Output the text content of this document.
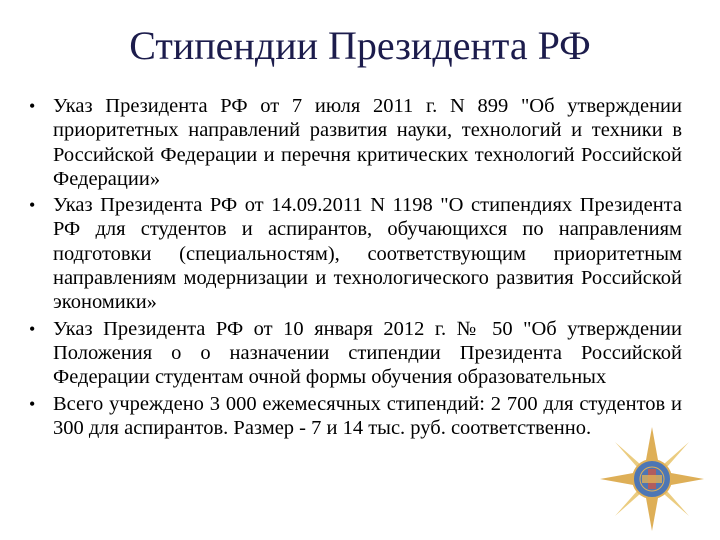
Стипендии Президента РФ
• Указ Президента РФ от 7 июля 2011 г. N 899 "Об утверждении приоритетных направлений развития науки, технологий и техники в Российской Федерации и перечня критических технологий Российской Федерации»
• Указ Президента РФ от 14.09.2011 N 1198 "О стипендиях Президента РФ для студентов и аспирантов, обучающихся по направлениям подготовки (специальностям), соответствующим приоритетным направлениям модернизации и технологического развития Российской экономики»
• Указ Президента РФ от 10 января 2012 г. № 50 "Об утверждении Положения о о назначении стипендии Президента Российской Федерации студентам очной формы обучения образовательных
• Всего учреждено 3 000 ежемесячных стипендий: 2 700 для студентов и 300 для аспирантов. Размер - 7 и 14 тыс. руб. соответственно.
